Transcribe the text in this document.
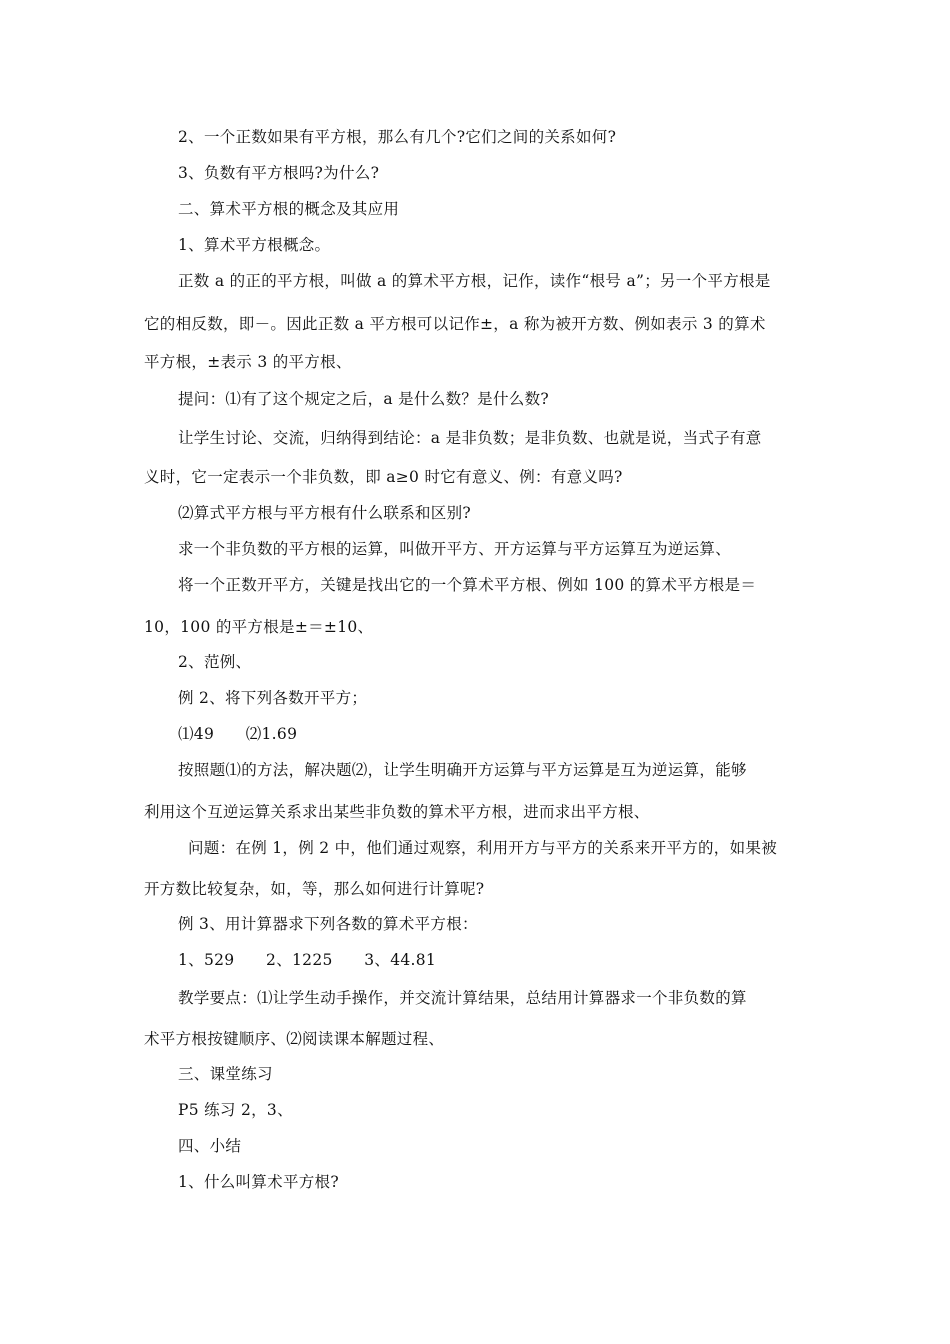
2、一个正数如果有平方根，那么有几个?它们之间的关系如何?
3、负数有平方根吗?为什么?
二、算术平方根的概念及其应用
1、算术平方根概念。
正数 a 的正的平方根，叫做 a 的算术平方根，记作，读作“根号 a”；另一个平方根是
它的相反数，即－。因此正数 a 平方根可以记作±，a 称为被开方数、例如表示 3 的算术
平方根，±表示 3 的平方根、
提问：⑴有了这个规定之后，a 是什么数？是什么数?
让学生讨论、交流，归纳得到结论：a 是非负数；是非负数、也就是说，当式子有意
义时，它一定表示一个非负数，即 a≥0 时它有意义、例：有意义吗?
⑵算式平方根与平方根有什么联系和区别?
求一个非负数的平方根的运算，叫做开平方、开方运算与平方运算互为逆运算、
将一个正数开平方，关键是找出它的一个算术平方根、例如 100 的算术平方根是＝
10，100 的平方根是±＝±10、
2、范例、
例 2、将下列各数开平方；
⑴49　　⑵1.69
按照题⑴的方法，解决题⑵，让学生明确开方运算与平方运算是互为逆运算，能够
利用这个互逆运算关系求出某些非负数的算术平方根，进而求出平方根、
问题：在例 1，例 2 中，他们通过观察，利用开方与平方的关系来开平方的，如果被
开方数比较复杂，如，等，那么如何进行计算呢?
例 3、用计算器求下列各数的算术平方根：
1、529　　2、1225　　3、44.81
教学要点：⑴让学生动手操作，并交流计算结果，总结用计算器求一个非负数的算
术平方根按键顺序、⑵阅读课本解题过程、
三、课堂练习
P5 练习 2，3、
四、小结
1、什么叫算术平方根?
